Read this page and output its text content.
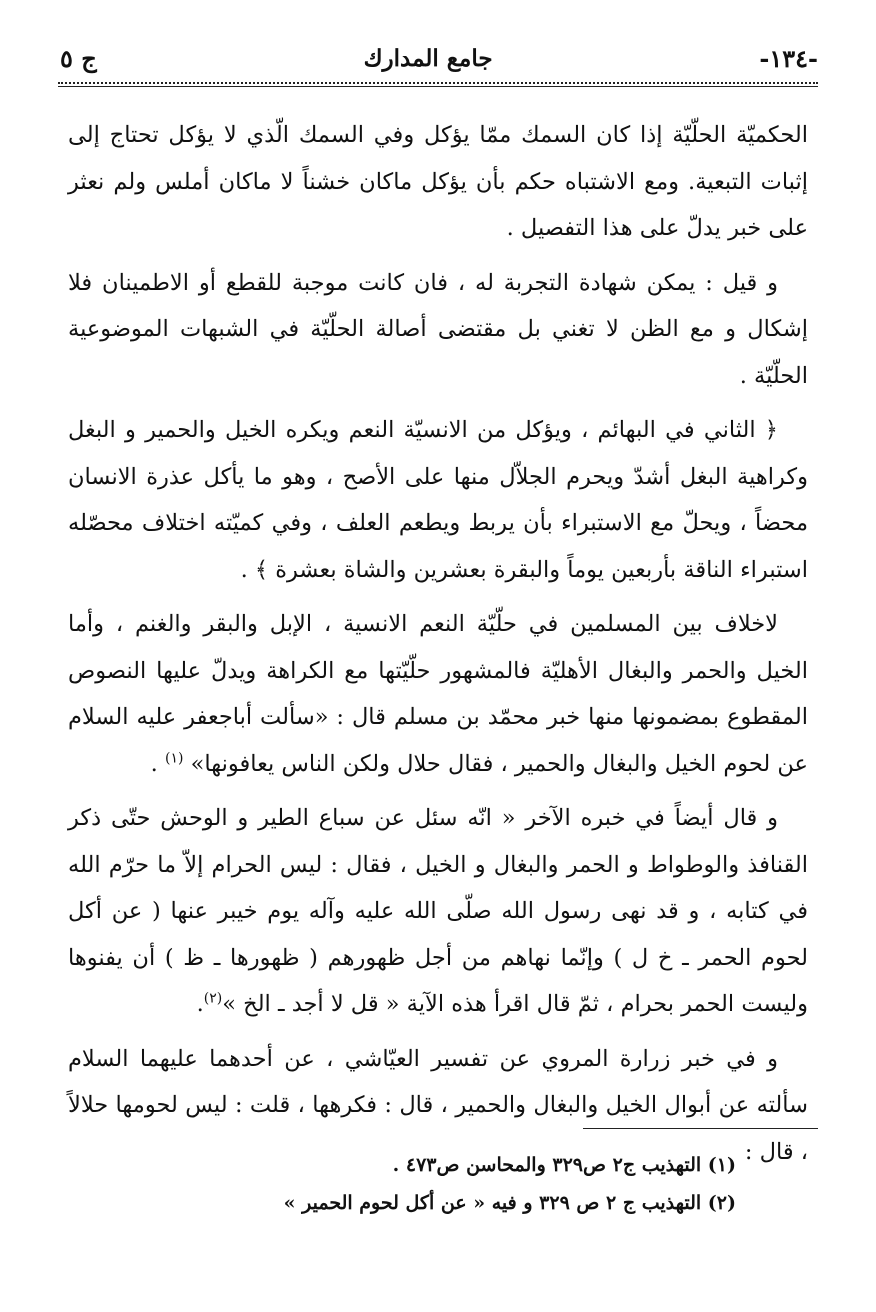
-١٣٤-
جامع المدارك
ج ٥

الحكميّة الحلّيّة إذا كان السمك ممّا يؤكل وفي السمك الّذي لا يؤكل تحتاج إلى إثبات التبعية. ومع الاشتباه حكم بأن يؤكل ماكان خشناً لا ماكان أملس ولم نعثر على خبر يدلّ على هذا التفصيل .

و قيل : يمكن شهادة التجربة له ، فان كانت موجبة للقطع أو الاطمينان فلا إشكال و مع الظن لا تغني بل مقتضى أصالة الحلّيّة في الشبهات الموضوعية الحلّيّة .

﴿ الثاني في البهائم ، ويؤكل من الانسيّة النعم ويكره الخيل والحمير و البغل وكراهية البغل أشدّ ويحرم الجلاّل منها على الأصح ، وهو ما يأكل عذرة الانسان محضاً ، ويحلّ مع الاستبراء بأن يربط ويطعم العلف ، وفي كميّته اختلاف محصّله استبراء الناقة بأربعين يوماً والبقرة بعشرين والشاة بعشرة ﴾ .

لاخلاف بين المسلمين في حلّيّة النعم الانسية ، الإبل والبقر والغنم ، وأما الخيل والحمر والبغال الأهليّة فالمشهور حلّيّتها مع الكراهة ويدلّ عليها النصوص المقطوع بمضمونها منها خبر محمّد بن مسلم قال : «سألت أباجعفر عليه السلام عن لحوم الخيل والبغال والحمير ، فقال حلال ولكن الناس يعافونها» $^{(١)}$ .

و قال أيضاً في خبره الآخر « انّه سئل عن سباع الطير و الوحش حتّى ذكر القنافذ والوطواط و الحمر والبغال و الخيل ، فقال : ليس الحرام إلاّ ما حرّم الله في كتابه ، و قد نهى رسول الله صلّى الله عليه وآله يوم خيبر عنها ( عن أكل لحوم الحمر ـ خ ل ) وإنّما نهاهم من أجل ظهورهم ( ظهورها ـ ظ ) أن يفنوها وليست الحمر بحرام ، ثمّ قال اقرأ هذه الآية « قل لا أجد ـ الخ »$^{(٢)}$.

و في خبر زرارة المروي عن تفسير العيّاشي ، عن أحدهما عليهما السلام سألته عن أبوال الخيل والبغال والحمير ، قال : فكرهها ، قلت : ليس لحومها حلالاً ، قال :

(١) التهذيب ج٢ ص٣٢٩ والمحاسن ص٤٧٣ .
(٢) التهذيب ج ٢ ص ٣٢٩ و فيه « عن أكل لحوم الحمير »
